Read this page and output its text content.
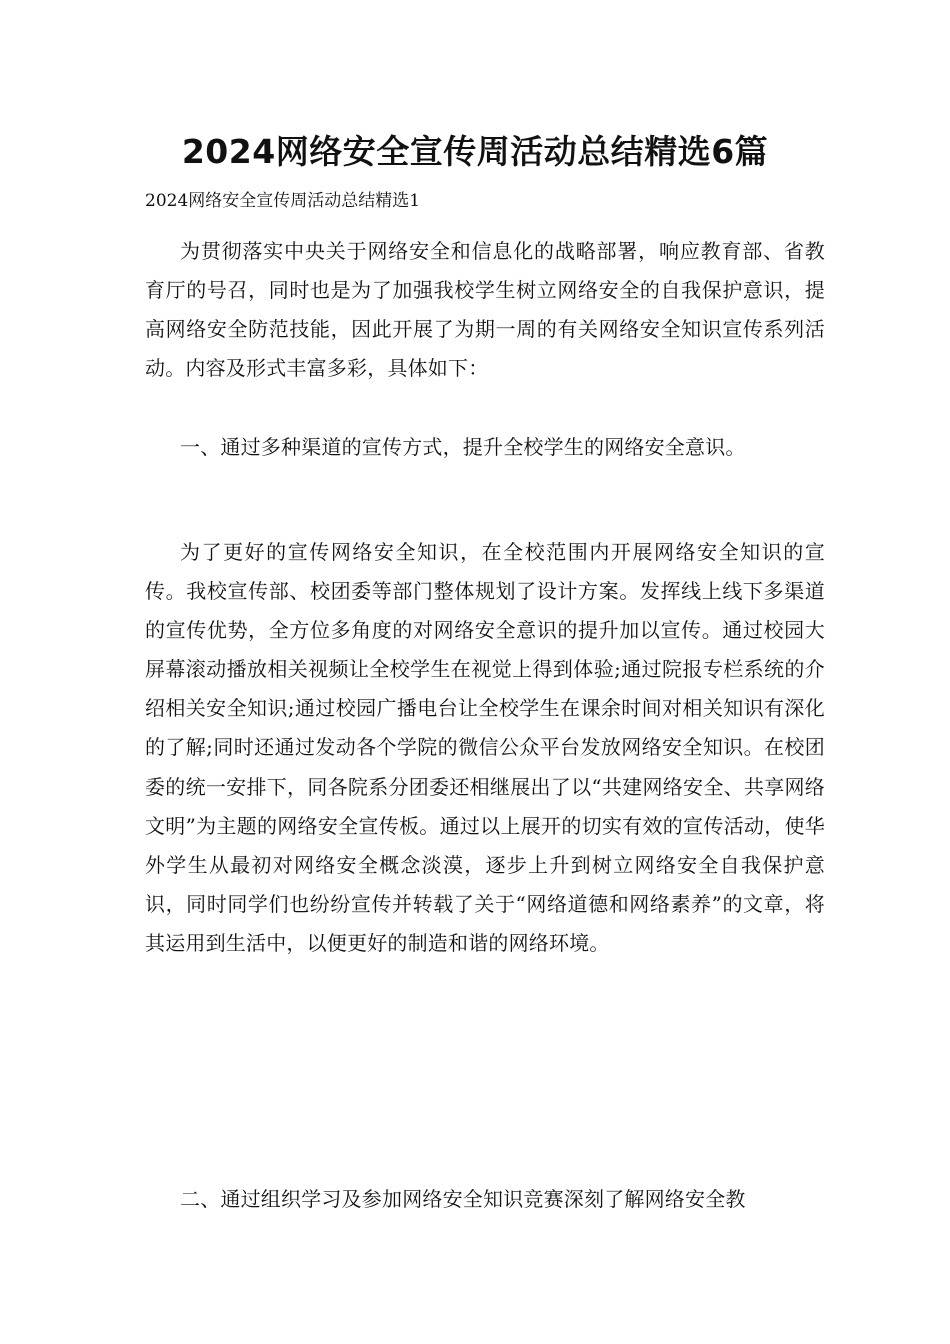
2024网络安全宣传周活动总结精选6篇
2024网络安全宣传周活动总结精选1

为贯彻落实中央关于网络安全和信息化的战略部署，响应教育部、省教育厅的号召，同时也是为了加强我校学生树立网络安全的自我保护意识，提高网络安全防范技能，因此开展了为期一周的有关网络安全知识宣传系列活动。内容及形式丰富多彩，具体如下：

一、通过多种渠道的宣传方式，提升全校学生的网络安全意识。

为了更好的宣传网络安全知识，在全校范围内开展网络安全知识的宣传。我校宣传部、校团委等部门整体规划了设计方案。发挥线上线下多渠道的宣传优势，全方位多角度的对网络安全意识的提升加以宣传。通过校园大屏幕滚动播放相关视频让全校学生在视觉上得到体验;通过院报专栏系统的介绍相关安全知识;通过校园广播电台让全校学生在课余时间对相关知识有深化的了解;同时还通过发动各个学院的微信公众平台发放网络安全知识。在校团委的统一安排下，同各院系分团委还相继展出了以“共建网络安全、共享网络文明”为主题的网络安全宣传板。通过以上展开的切实有效的宣传活动，使华外学生从最初对网络安全概念淡漠，逐步上升到树立网络安全自我保护意识，同时同学们也纷纷宣传并转载了关于“网络道德和网络素养”的文章，将其运用到生活中，以便更好的制造和谐的网络环境。

二、通过组织学习及参加网络安全知识竞赛深刻了解网络安全教
